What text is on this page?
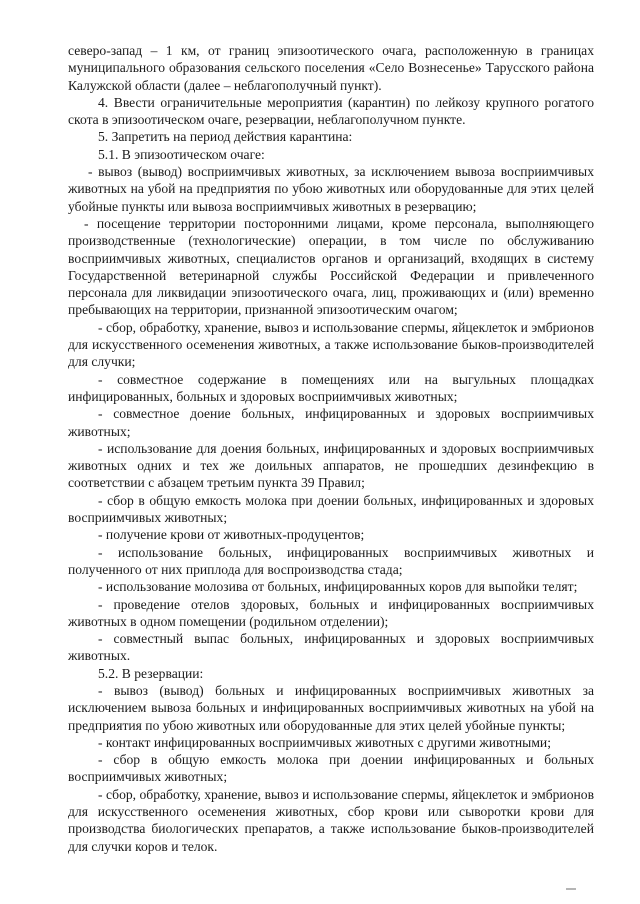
северо-запад – 1 км, от границ эпизоотического очага, расположенную в границах муниципального образования сельского поселения «Село Вознесенье» Тарусского района Калужской области (далее – неблагополучный пункт).

4. Ввести ограничительные мероприятия (карантин) по лейкозу крупного рогатого скота в эпизоотическом очаге, резервации, неблагополучном пункте.

5. Запретить на период действия карантина:

5.1. В эпизоотическом очаге:

- вывоз (вывод) восприимчивых животных, за исключением вывоза восприимчивых животных на убой на предприятия по убою животных или оборудованные для этих целей убойные пункты или вывоза восприимчивых животных в резервацию;

- посещение территории посторонними лицами, кроме персонала, выполняющего производственные (технологические) операции, в том числе по обслуживанию восприимчивых животных, специалистов органов и организаций, входящих в систему Государственной ветеринарной службы Российской Федерации и привлеченного персонала для ликвидации эпизоотического очага, лиц, проживающих и (или) временно пребывающих на территории, признанной эпизоотическим очагом;

- сбор, обработку, хранение, вывоз и использование спермы, яйцеклеток и эмбрионов для искусственного осеменения животных, а также использование быков-производителей для случки;

- совместное содержание в помещениях или на выгульных площадках инфицированных, больных и здоровых восприимчивых животных;

- совместное доение больных, инфицированных и здоровых восприимчивых животных;

- использование для доения больных, инфицированных и здоровых восприимчивых животных одних и тех же доильных аппаратов, не прошедших дезинфекцию в соответствии с абзацем третьим пункта 39 Правил;

- сбор в общую емкость молока при доении больных, инфицированных и здоровых восприимчивых животных;

- получение крови от животных-продуцентов;

- использование больных, инфицированных восприимчивых животных и полученного от них приплода для воспроизводства стада;

- использование молозива от больных, инфицированных коров для выпойки телят;

- проведение отелов здоровых, больных и инфицированных восприимчивых животных в одном помещении (родильном отделении);

- совместный выпас больных, инфицированных и здоровых восприимчивых животных.

5.2. В резервации:

- вывоз (вывод) больных и инфицированных восприимчивых животных за исключением вывоза больных и инфицированных восприимчивых животных на убой на предприятия по убою животных или оборудованные для этих целей убойные пункты;

- контакт инфицированных восприимчивых животных с другими животными;

- сбор в общую емкость молока при доении инфицированных и больных восприимчивых животных;

- сбор, обработку, хранение, вывоз и использование спермы, яйцеклеток и эмбрионов для искусственного осеменения животных, сбор крови или сыворотки крови для производства биологических препаратов, а также использование быков-производителей для случки коров и телок.
